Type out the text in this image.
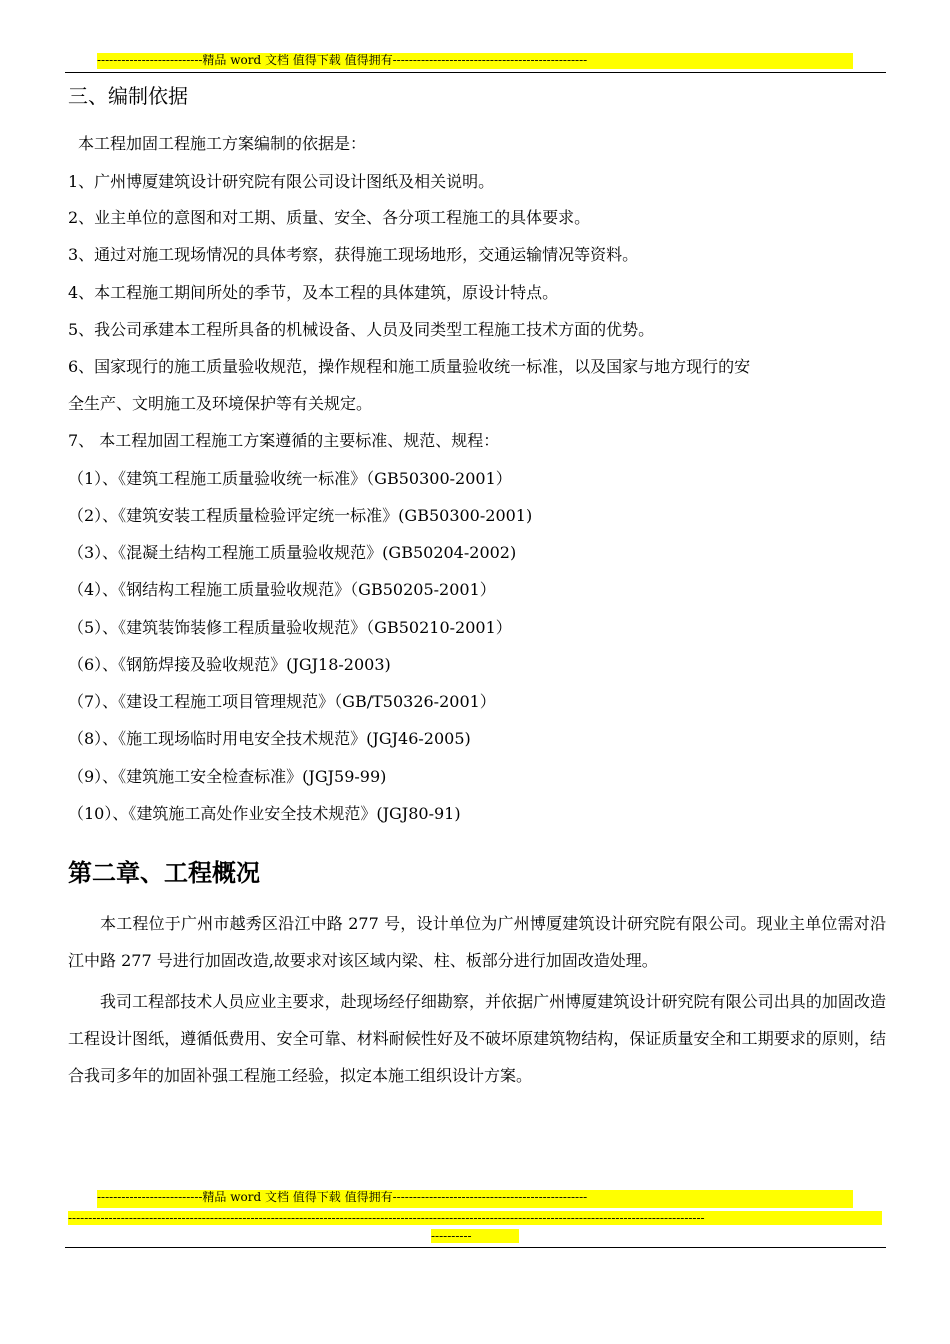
--------------------------精品 word 文档 值得下载 值得拥有------------------------------------------------
三、编制依据
本工程加固工程施工方案编制的依据是：
1、广州博厦建筑设计研究院有限公司设计图纸及相关说明。
2、业主单位的意图和对工期、质量、安全、各分项工程施工的具体要求。
3、通过对施工现场情况的具体考察，获得施工现场地形，交通运输情况等资料。
4、本工程施工期间所处的季节，及本工程的具体建筑，原设计特点。
5、我公司承建本工程所具备的机械设备、人员及同类型工程施工技术方面的优势。
6、国家现行的施工质量验收规范，操作规程和施工质量验收统一标准，以及国家与地方现行的安
全生产、文明施工及环境保护等有关规定。
7、 本工程加固工程施工方案遵循的主要标准、规范、规程：
（1）、《建筑工程施工质量验收统一标准》（GB50300-2001）
（2）、《建筑安装工程质量检验评定统一标准》(GB50300-2001)
（3）、《混凝土结构工程施工质量验收规范》(GB50204-2002)
（4）、《钢结构工程施工质量验收规范》（GB50205-2001）
（5）、《建筑装饰装修工程质量验收规范》（GB50210-2001）
（6）、《钢筋焊接及验收规范》(JGJ18-2003)
（7）、《建设工程施工项目管理规范》（GB/T50326-2001）
（8）、《施工现场临时用电安全技术规范》(JGJ46-2005)
（9）、《建筑施工安全检查标准》(JGJ59-99)
（10）、《建筑施工高处作业安全技术规范》(JGJ80-91)
第二章、工程概况
本工程位于广州市越秀区沿江中路 277 号，设计单位为广州博厦建筑设计研究院有限公司。现业主单位需对沿江中路 277 号进行加固改造,故要求对该区域内梁、柱、板部分进行加固改造处理。
我司工程部技术人员应业主要求，赴现场经仔细勘察，并依据广州博厦建筑设计研究院有限公司出具的加固改造工程设计图纸，遵循低费用、安全可靠、材料耐候性好及不破坏原建筑物结构，保证质量安全和工期要求的原则，结合我司多年的加固补强工程施工经验，拟定本施工组织设计方案。
--------------------------精品 word 文档 值得下载 值得拥有------------------------------------------------
-------------------------------------------------------------------------------------------------------------------------------------------------------------
----------
